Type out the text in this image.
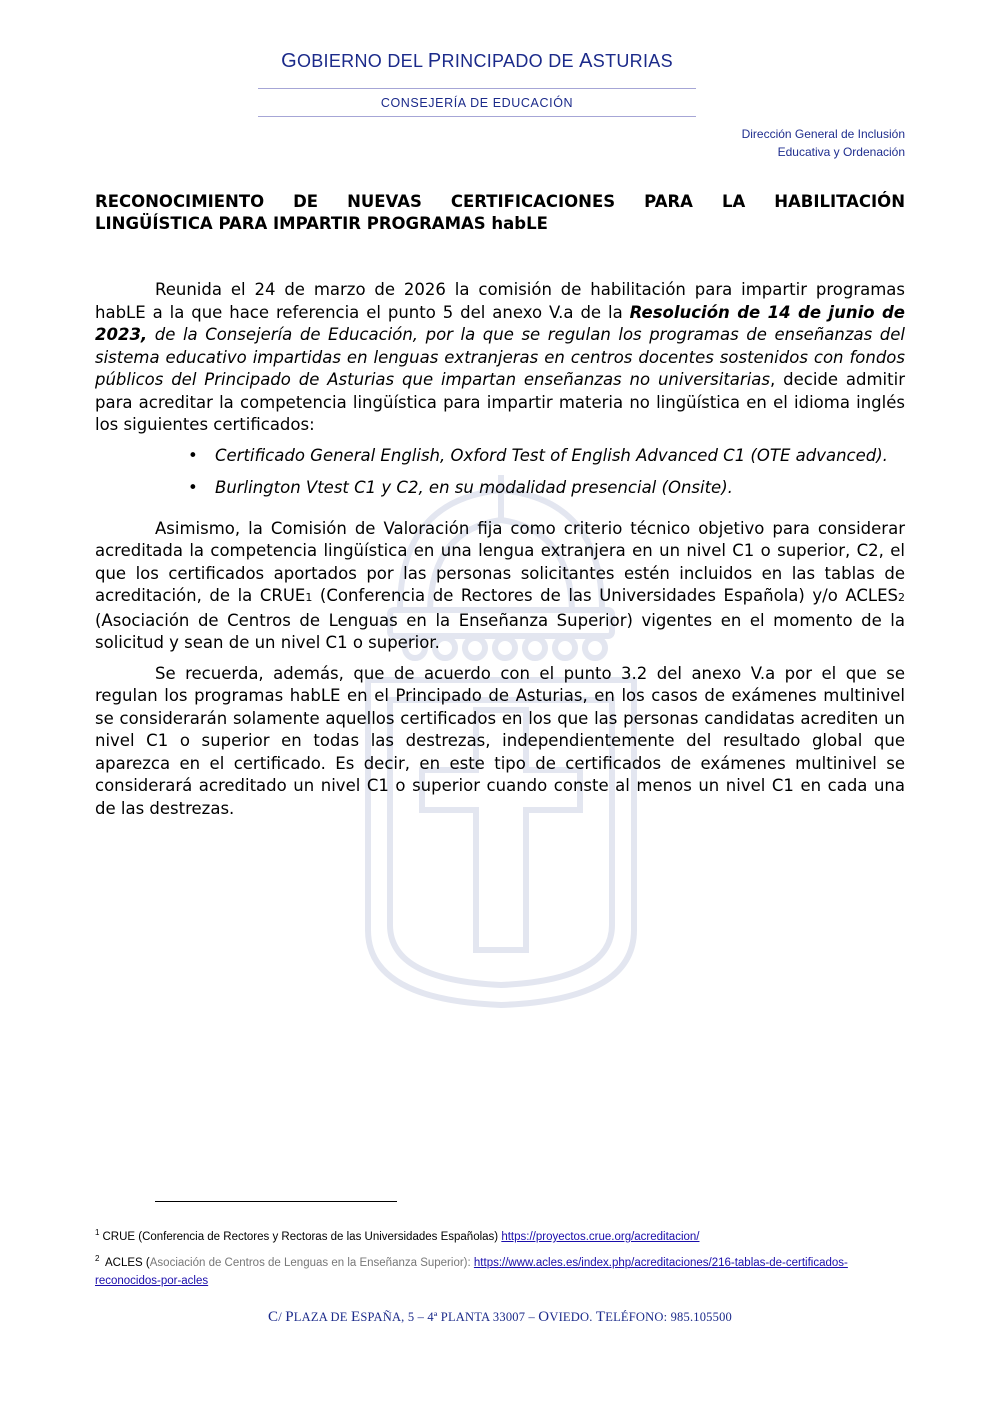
GOBIERNO DEL PRINCIPADO DE ASTURIAS
CONSEJERÍA DE EDUCACIÓN
Dirección General de Inclusión
Educativa y Ordenación
RECONOCIMIENTO DE NUEVAS CERTIFICACIONES PARA LA HABILITACIÓN
LINGÜÍSTICA PARA IMPARTIR PROGRAMAS habLE

Reunida el 24 de marzo de 2026 la comisión de habilitación para impartir programas habLE a la que hace referencia el punto 5 del anexo V.a de la Resolución de 14 de junio de 2023, de la Consejería de Educación, por la que se regulan los programas de enseñanzas del sistema educativo impartidas en lenguas extranjeras en centros docentes sostenidos con fondos públicos del Principado de Asturias que impartan enseñanzas no universitarias, decide admitir para acreditar la competencia lingüística para impartir materia no lingüística en el idioma inglés los siguientes certificados:

• Certificado General English, Oxford Test of English Advanced C1 (OTE advanced).
• Burlington Vtest C1 y C2, en su modalidad presencial (Onsite).

Asimismo, la Comisión de Valoración fija como criterio técnico objetivo para considerar acreditada la competencia lingüística en una lengua extranjera en un nivel C1 o superior, C2, el que los certificados aportados por las personas solicitantes estén incluidos en las tablas de acreditación, de la CRUE1 (Conferencia de Rectores de las Universidades Española) y/o ACLES2 (Asociación de Centros de Lenguas en la Enseñanza Superior) vigentes en el momento de la solicitud y sean de un nivel C1 o superior.

Se recuerda, además, que de acuerdo con el punto 3.2 del anexo V.a por el que se regulan los programas habLE en el Principado de Asturias, en los casos de exámenes multinivel se considerarán solamente aquellos certificados en los que las personas candidatas acrediten un nivel C1 o superior en todas las destrezas, independientemente del resultado global que aparezca en el certificado. Es decir, en este tipo de certificados de exámenes multinivel se considerará acreditado un nivel C1 o superior cuando conste al menos un nivel C1 en cada una de las destrezas.

$^1$ CRUE (Conferencia de Rectores y Rectoras de las Universidades Españolas) https://proyectos.crue.org/acreditacion/
$^2$ ACLES (Asociación de Centros de Lenguas en la Enseñanza Superior): https://www.acles.es/index.php/acreditaciones/216-tablas-de-certificados-reconocidos-por-acles
C/ PLAZA DE ESPAÑA, 5 – 4ª PLANTA 33007 – OVIEDO. TELÉFONO: 985.105500
